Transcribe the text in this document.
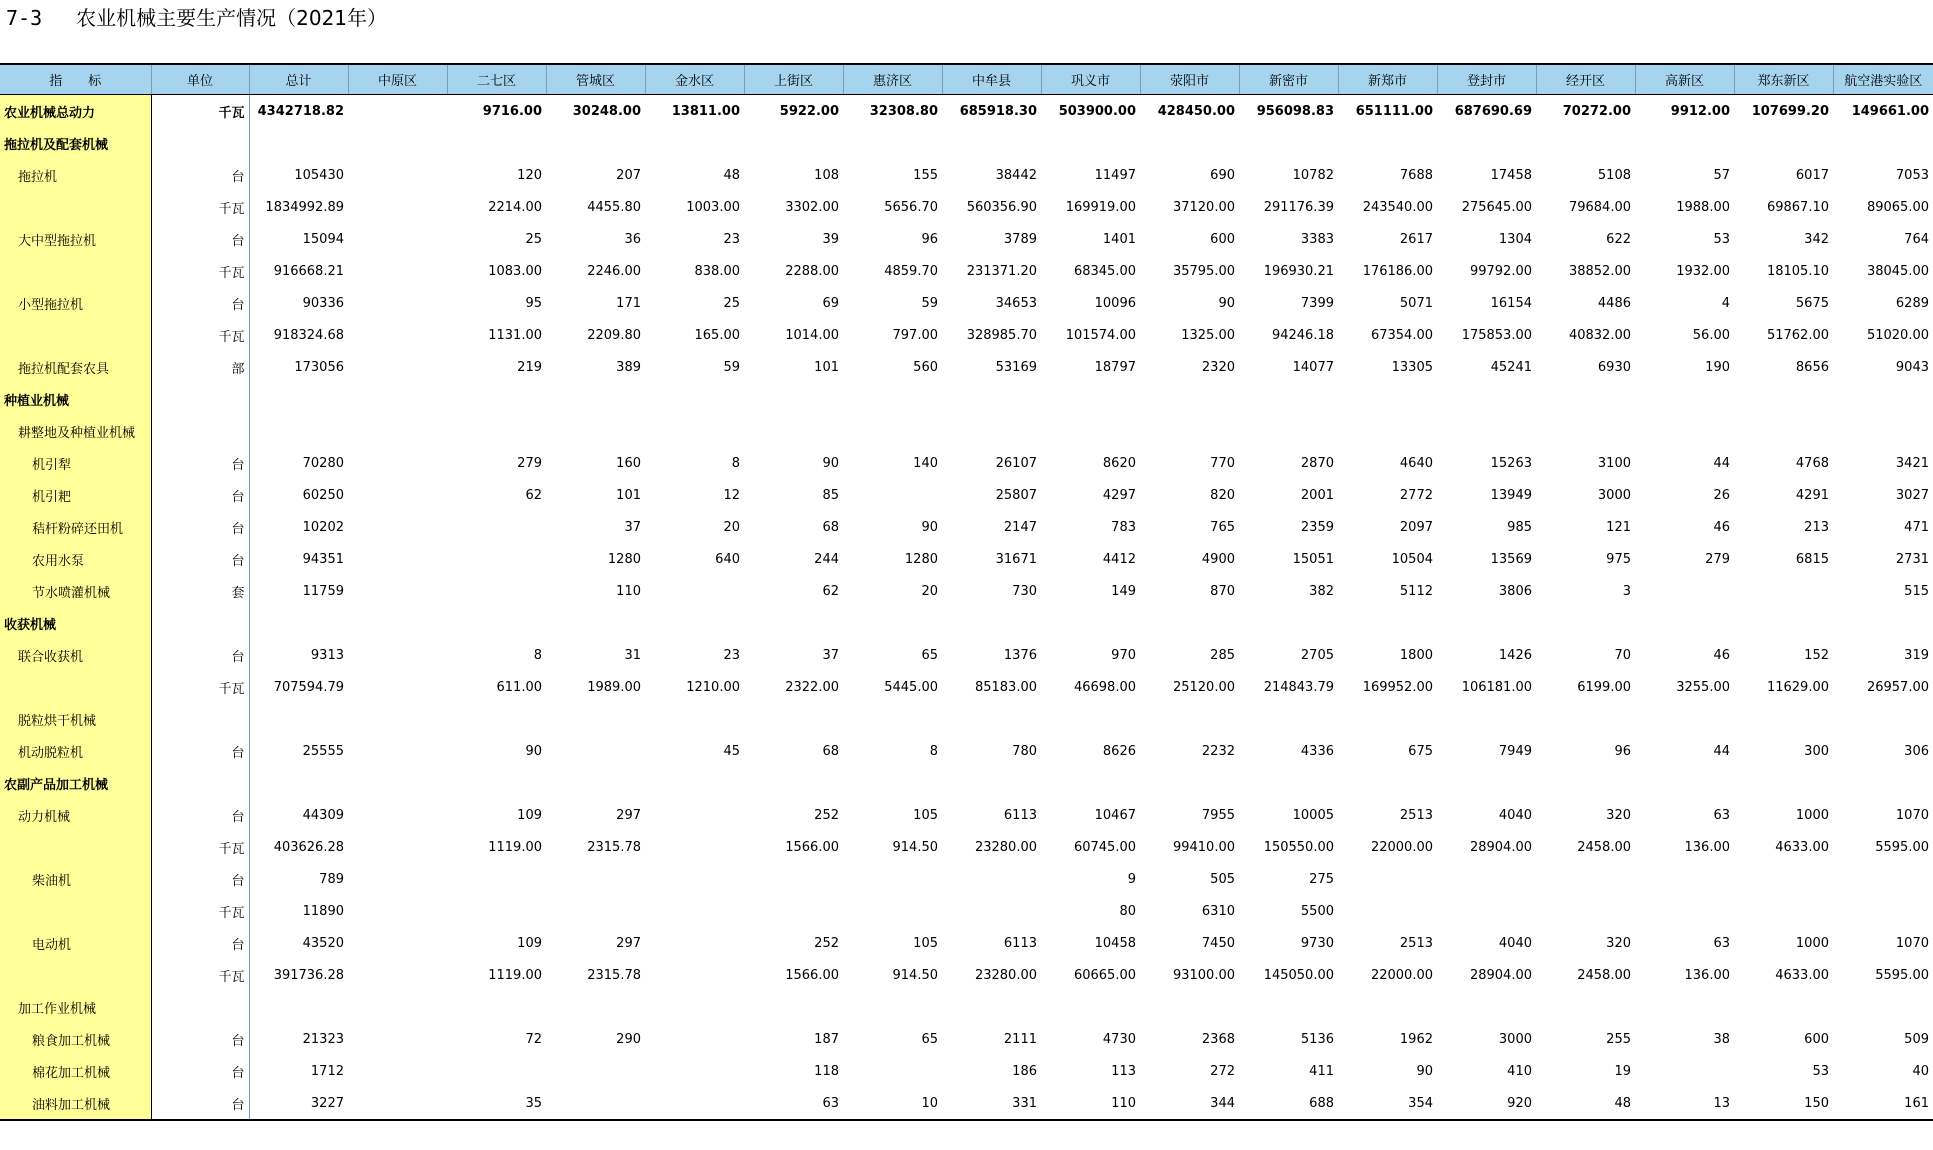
7-3 农业机械主要生产情况（2021年）
指　　标	单位	总计	中原区	二七区	管城区	金水区	上街区	惠济区	中牟县	巩义市	荥阳市	新密市	新郑市	登封市	经开区	高新区	郑东新区	航空港实验区
农业机械总动力	千瓦	4342718.82		9716.00	30248.00	13811.00	5922.00	32308.80	685918.30	503900.00	428450.00	956098.83	651111.00	687690.69	70272.00	9912.00	107699.20	149661.00
拖拉机及配套机械																		
拖拉机	台	105430		120	207	48	108	155	38442	11497	690	10782	7688	17458	5108	57	6017	7053
	千瓦	1834992.89		2214.00	4455.80	1003.00	3302.00	5656.70	560356.90	169919.00	37120.00	291176.39	243540.00	275645.00	79684.00	1988.00	69867.10	89065.00
大中型拖拉机	台	15094		25	36	23	39	96	3789	1401	600	3383	2617	1304	622	53	342	764
	千瓦	916668.21		1083.00	2246.00	838.00	2288.00	4859.70	231371.20	68345.00	35795.00	196930.21	176186.00	99792.00	38852.00	1932.00	18105.10	38045.00
小型拖拉机	台	90336		95	171	25	69	59	34653	10096	90	7399	5071	16154	4486	4	5675	6289
	千瓦	918324.68		1131.00	2209.80	165.00	1014.00	797.00	328985.70	101574.00	1325.00	94246.18	67354.00	175853.00	40832.00	56.00	51762.00	51020.00
拖拉机配套农具	部	173056		219	389	59	101	560	53169	18797	2320	14077	13305	45241	6930	190	8656	9043
种植业机械																		
耕整地及种植业机械																		
机引犁	台	70280		279	160	8	90	140	26107	8620	770	2870	4640	15263	3100	44	4768	3421
机引耙	台	60250		62	101	12	85		25807	4297	820	2001	2772	13949	3000	26	4291	3027
秸杆粉碎还田机	台	10202			37	20	68	90	2147	783	765	2359	2097	985	121	46	213	471
农用水泵	台	94351			1280	640	244	1280	31671	4412	4900	15051	10504	13569	975	279	6815	2731
节水喷灌机械	套	11759			110		62	20	730	149	870	382	5112	3806	3			515
收获机械																		
联合收获机	台	9313		8	31	23	37	65	1376	970	285	2705	1800	1426	70	46	152	319
	千瓦	707594.79		611.00	1989.00	1210.00	2322.00	5445.00	85183.00	46698.00	25120.00	214843.79	169952.00	106181.00	6199.00	3255.00	11629.00	26957.00
脱粒烘干机械																		
机动脱粒机	台	25555		90		45	68	8	780	8626	2232	4336	675	7949	96	44	300	306
农副产品加工机械																		
动力机械	台	44309		109	297		252	105	6113	10467	7955	10005	2513	4040	320	63	1000	1070
	千瓦	403626.28		1119.00	2315.78		1566.00	914.50	23280.00	60745.00	99410.00	150550.00	22000.00	28904.00	2458.00	136.00	4633.00	5595.00
柴油机	台	789								9	505	275						
	千瓦	11890								80	6310	5500						
电动机	台	43520		109	297		252	105	6113	10458	7450	9730	2513	4040	320	63	1000	1070
	千瓦	391736.28		1119.00	2315.78		1566.00	914.50	23280.00	60665.00	93100.00	145050.00	22000.00	28904.00	2458.00	136.00	4633.00	5595.00
加工作业机械																		
粮食加工机械	台	21323		72	290		187	65	2111	4730	2368	5136	1962	3000	255	38	600	509
棉花加工机械	台	1712					118		186	113	272	411	90	410	19		53	40
油料加工机械	台	3227		35			63	10	331	110	344	688	354	920	48	13	150	161
